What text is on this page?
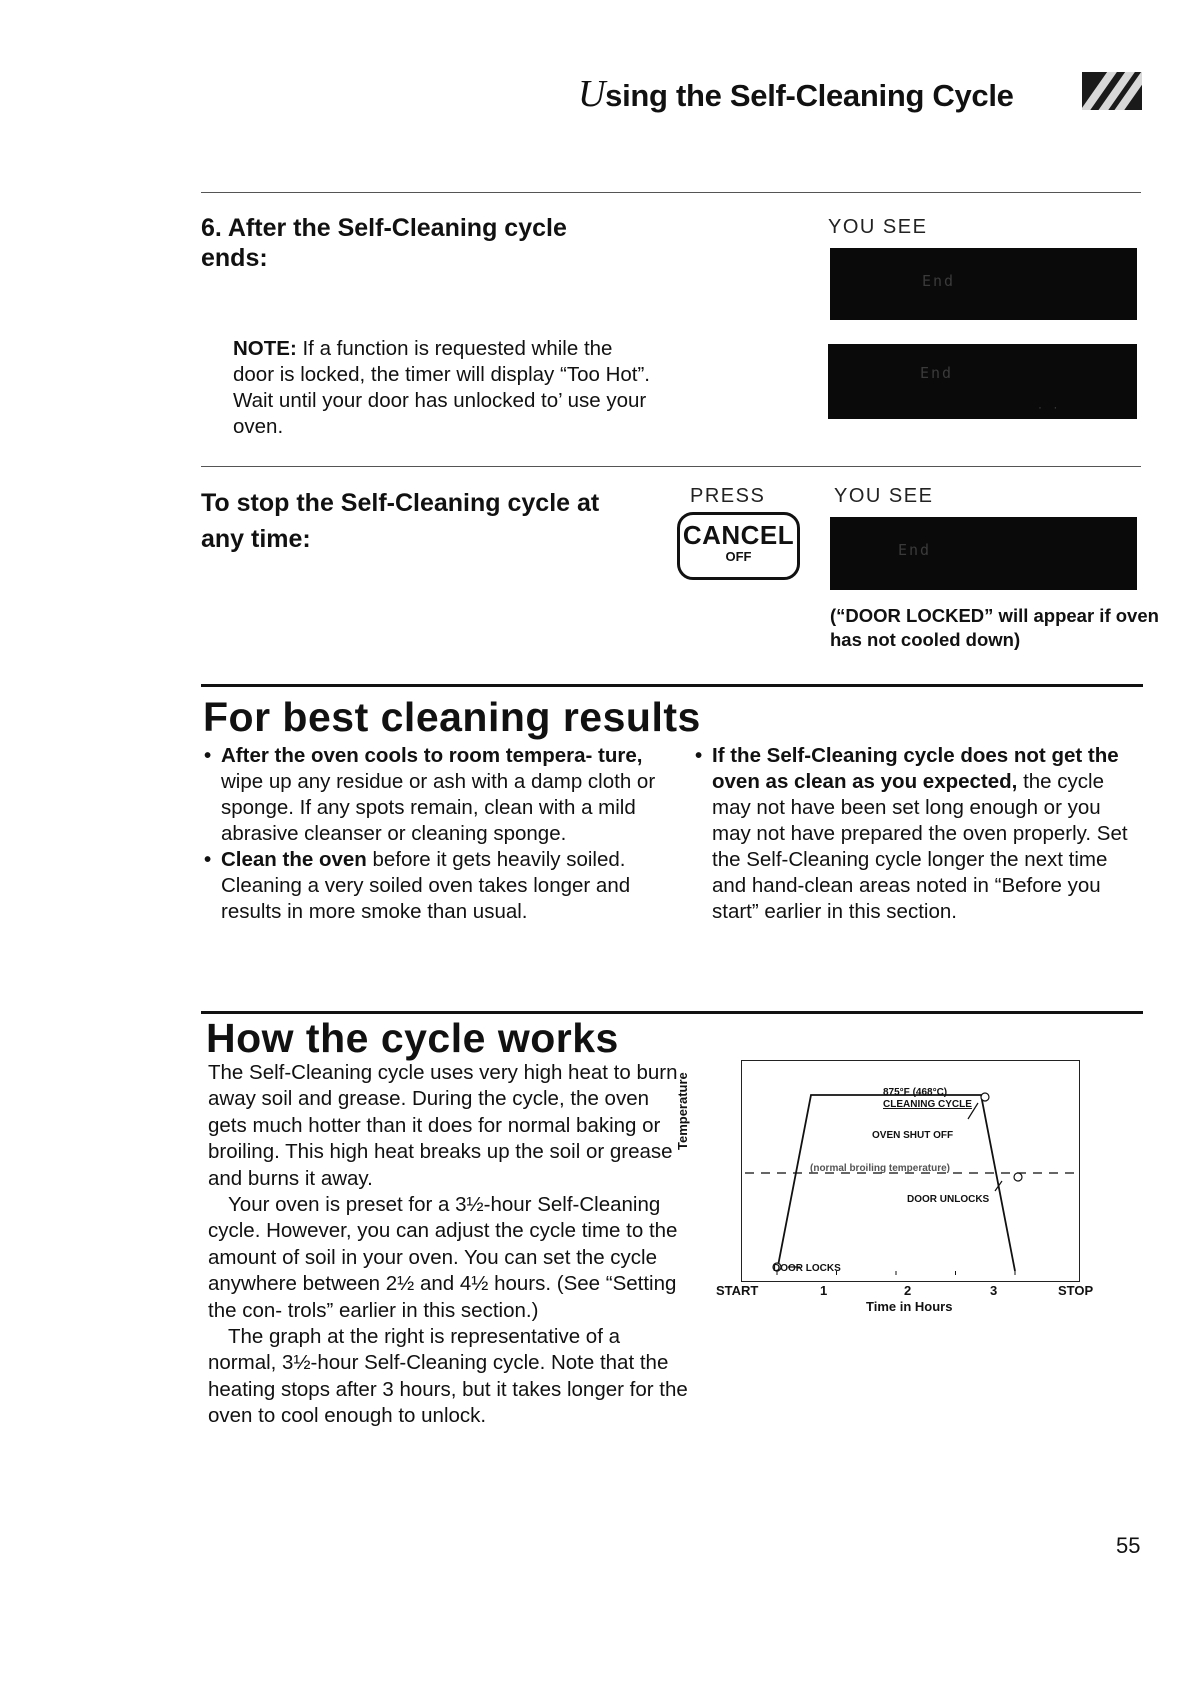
Using the Self-Cleaning Cycle
6. After the Self-Cleaning cycle ends:
NOTE: If a function is requested while the door is locked, the timer will display “Too Hot”. Wait until your door has unlocked to’ use your oven.
YOU SEE
End
End
· ·
To stop the Self-Cleaning cycle at any time:
PRESS	YOU SEE
CANCEL
OFF	End
(“DOOR LOCKED” will appear if oven has not cooled down)
For best cleaning results

• After the oven cools to room tempera- ture, wipe up any residue or ash with a damp cloth or sponge. If any spots remain, clean with a mild abrasive cleanser or cleaning sponge.

• Clean the oven before it gets heavily soiled. Cleaning a very soiled oven takes longer and results in more smoke than usual.

• If the Self-Cleaning cycle does not get the oven as clean as you expected, the cycle may not have been set long enough or you may not have prepared the oven properly. Set the Self-Cleaning cycle longer the next time and hand-clean areas noted in “Before you start” earlier in this section.

How the cycle works

The Self-Cleaning cycle uses very high heat to burn away soil and grease. During the cycle, the oven gets much hotter than it does for normal baking or broiling. This high heat breaks up the soil or grease and burns it away.

Your oven is preset for a 3½-hour Self-Cleaning cycle. However, you can adjust the cycle time to the amount of soil in your oven. You can set the cycle anywhere between 2½ and 4½ hours. (See “Setting the con- trols” earlier in this section.)

The graph at the right is representative of a normal, 3½-hour Self-Cleaning cycle. Note that the heating stops after 3 hours, but it takes longer for the oven to cool enough to unlock.

Temperature	875°F (468°C)
CLEANING CYCLE
OVEN SHUT OFF
(normal broiling temperature)
DOOR UNLOCKS
DOOR LOCKS
START	1	2	3	STOP
Time in Hours
55
